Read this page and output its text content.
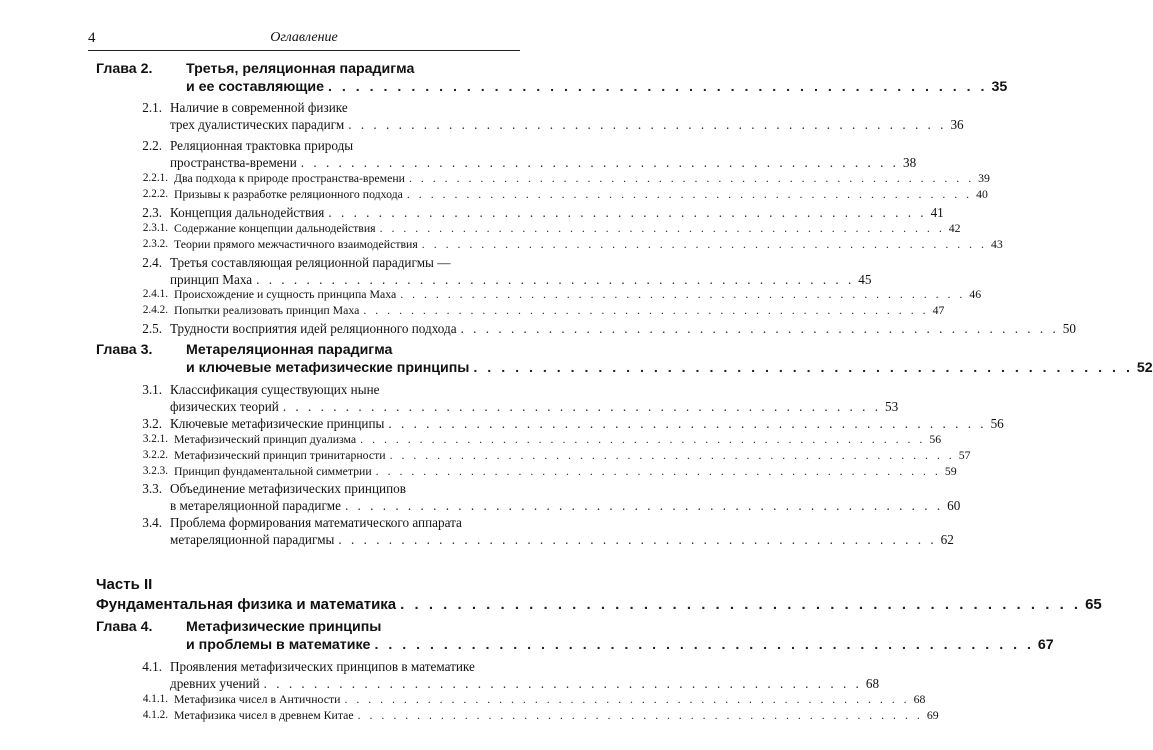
4	Оглавление
Глава 2.	Третья, реляционная парадигма
и ее составляющие . . . . . . . . . . . . . . . . . . . . . . . . . . . . . . . . . . . . . . . . . . . . . . . . 35
2.1. Наличие в современной физике
трех дуалистических парадигм . . . . . . . . . . . . . . . . . . . . . . . . . . . . . . . . . . . . . . . . . . . . . . . . 36
2.2. Реляционная трактовка природы
пространства-времени . . . . . . . . . . . . . . . . . . . . . . . . . . . . . . . . . . . . . . . . . . . . . . . . 38
2.2.1. Два подхода к природе пространства-времени . . . . . . . . . . . . . . . . . . . . . . . . . . . . . . . . . . . . . . . . . . . . . . . . 39
2.2.2. Призывы к разработке реляционного подхода . . . . . . . . . . . . . . . . . . . . . . . . . . . . . . . . . . . . . . . . . . . . . . . . 40
2.3. Концепция дальнодействия . . . . . . . . . . . . . . . . . . . . . . . . . . . . . . . . . . . . . . . . . . . . . . . . 41
2.3.1. Содержание концепции дальнодействия . . . . . . . . . . . . . . . . . . . . . . . . . . . . . . . . . . . . . . . . . . . . . . . . 42
2.3.2. Теории прямого межчастичного взаимодействия . . . . . . . . . . . . . . . . . . . . . . . . . . . . . . . . . . . . . . . . . . . . . . . . 43
2.4. Третья составляющая реляционной парадигмы —
принцип Маха . . . . . . . . . . . . . . . . . . . . . . . . . . . . . . . . . . . . . . . . . . . . . . . . 45
2.4.1. Происхождение и сущность принципа Маха . . . . . . . . . . . . . . . . . . . . . . . . . . . . . . . . . . . . . . . . . . . . . . . . 46
2.4.2. Попытки реализовать принцип Маха . . . . . . . . . . . . . . . . . . . . . . . . . . . . . . . . . . . . . . . . . . . . . . . . 47
2.5. Трудности восприятия идей реляционного подхода . . . . . . . . . . . . . . . . . . . . . . . . . . . . . . . . . . . . . . . . . . . . . . . . 50
Глава 3.	Метареляционная парадигма
и ключевые метафизические принципы . . . . . . . . . . . . . . . . . . . . . . . . . . . . . . . . . . . . . . . . . . . . . . . . 52
3.1. Классификация существующих ныне
физических теорий . . . . . . . . . . . . . . . . . . . . . . . . . . . . . . . . . . . . . . . . . . . . . . . . 53
3.2. Ключевые метафизические принципы . . . . . . . . . . . . . . . . . . . . . . . . . . . . . . . . . . . . . . . . . . . . . . . . 56
3.2.1. Метафизический принцип дуализма . . . . . . . . . . . . . . . . . . . . . . . . . . . . . . . . . . . . . . . . . . . . . . . . 56
3.2.2. Метафизический принцип тринитарности . . . . . . . . . . . . . . . . . . . . . . . . . . . . . . . . . . . . . . . . . . . . . . . . 57
3.2.3. Принцип фундаментальной симметрии . . . . . . . . . . . . . . . . . . . . . . . . . . . . . . . . . . . . . . . . . . . . . . . . 59
3.3. Объединение метафизических принципов
в метареляционной парадигме . . . . . . . . . . . . . . . . . . . . . . . . . . . . . . . . . . . . . . . . . . . . . . . . 60
3.4. Проблема формирования математического аппарата
метареляционной парадигмы . . . . . . . . . . . . . . . . . . . . . . . . . . . . . . . . . . . . . . . . . . . . . . . . 62
Часть II
Фундаментальная физика и математика . . . . . . . . . . . . . . . . . . . . . . . . . . . . . . . . . . . . . . . . . . . . . . . . 65
Глава 4.	Метафизические принципы
и проблемы в математике . . . . . . . . . . . . . . . . . . . . . . . . . . . . . . . . . . . . . . . . . . . . . . . . 67
4.1. Проявления метафизических принципов в математике
древних учений . . . . . . . . . . . . . . . . . . . . . . . . . . . . . . . . . . . . . . . . . . . . . . . . 68
4.1.1. Метафизика чисел в Античности . . . . . . . . . . . . . . . . . . . . . . . . . . . . . . . . . . . . . . . . . . . . . . . . 68
4.1.2. Метафизика чисел в древнем Китае . . . . . . . . . . . . . . . . . . . . . . . . . . . . . . . . . . . . . . . . . . . . . . . . 69
